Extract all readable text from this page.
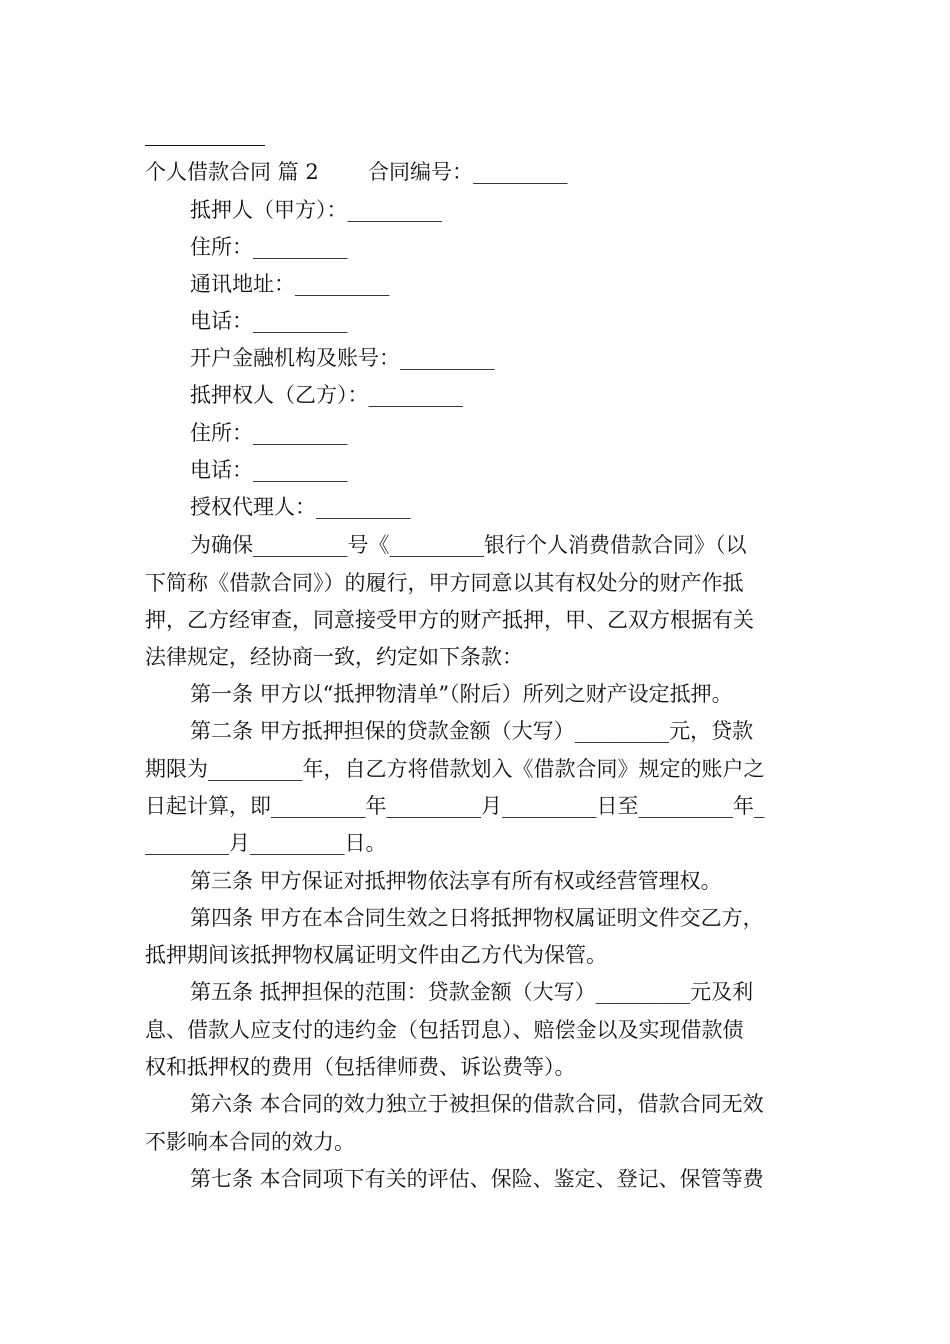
个人借款合同 篇 2 合同编号：_________
抵押人（甲方）：_________
住所：_________
通讯地址：_________
电话：_________
开户金融机构及账号：_________
抵押权人（乙方）：_________
住所：_________
电话：_________
授权代理人：_________
为确保_________号《_________银行个人消费借款合同》（以
下简称《借款合同》）的履行，甲方同意以其有权处分的财产作抵
押，乙方经审查，同意接受甲方的财产抵押，甲、乙双方根据有关
法律规定，经协商一致，约定如下条款：
第一条 甲方以“抵押物清单”（附后）所列之财产设定抵押。
第二条 甲方抵押担保的贷款金额（大写）_________元，贷款
期限为_________年，自乙方将借款划入《借款合同》规定的账户之
日起计算，即_________年_________月_________日至_________年_
________月_________日。
第三条 甲方保证对抵押物依法享有所有权或经营管理权。
第四条 甲方在本合同生效之日将抵押物权属证明文件交乙方，
抵押期间该抵押物权属证明文件由乙方代为保管。
第五条 抵押担保的范围：贷款金额（大写）_________元及利
息、借款人应支付的违约金（包括罚息）、赔偿金以及实现借款债
权和抵押权的费用（包括律师费、诉讼费等）。
第六条 本合同的效力独立于被担保的借款合同，借款合同无效
不影响本合同的效力。
第七条 本合同项下有关的评估、保险、鉴定、登记、保管等费
